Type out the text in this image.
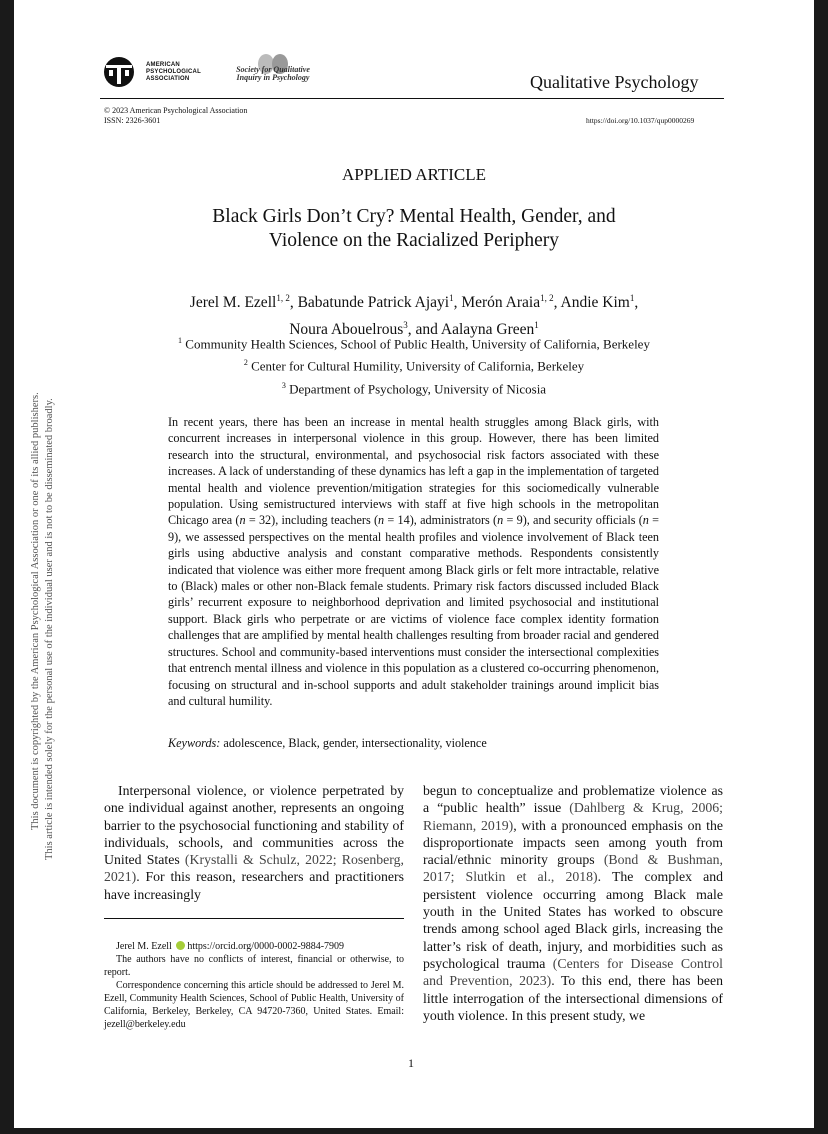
AMERICAN PSYCHOLOGICAL ASSOCIATION
Society for Qualitative Inquiry in Psychology	Qualitative Psychology
© 2023 American Psychological Association
ISSN: 2326-3601	https://doi.org/10.1037/qup0000269
APPLIED ARTICLE
Black Girls Don’t Cry? Mental Health, Gender, and
Violence on the Racialized Periphery
Jerel M. Ezell$^{1, 2}$, Babatunde Patrick Ajayi$^1$, Merón Araia$^{1, 2}$, Andie Kim$^1$,
Noura Abouelrous$^3$, and Aalayna Green$^1$
$^1$ Community Health Sciences, School of Public Health, University of California, Berkeley
$^2$ Center for Cultural Humility, University of California, Berkeley
$^3$ Department of Psychology, University of Nicosia
In recent years, there has been an increase in mental health struggles among Black girls, with concurrent increases in interpersonal violence in this group. However, there has been limited research into the structural, environmental, and psychosocial risk factors associated with these increases. A lack of understanding of these dynamics has left a gap in the implementation of targeted mental health and violence prevention/mitigation strategies for this sociomedically vulnerable population. Using semistructured interviews with staff at five high schools in the metropolitan Chicago area (n = 32), including teachers (n = 14), administrators (n = 9), and security officials (n = 9), we assessed perspectives on the mental health profiles and violence involvement of Black teen girls using abductive analysis and constant comparative methods. Respondents consistently indicated that violence was either more frequent among Black girls or felt more intractable, relative to (Black) males or other non-Black female students. Primary risk factors discussed included Black girls’ recurrent exposure to neighborhood deprivation and limited psychosocial and institutional support. Black girls who perpetrate or are victims of violence face complex identity formation challenges that are amplified by mental health challenges resulting from broader racial and gendered structures. School and community-based interventions must consider the intersectional complexities that entrench mental illness and violence in this population as a clustered co-occurring phenomenon, focusing on structural and in-school supports and adult stakeholder trainings around implicit bias and cultural humility.
Keywords: adolescence, Black, gender, intersectionality, violence
Interpersonal violence, or violence perpetrated by one individual against another, represents an ongoing barrier to the psychosocial functioning and stability of individuals, schools, and communities across the United States (Krystalli & Schulz, 2022; Rosenberg, 2021). For this reason, researchers and practitioners have increasingly
begun to conceptualize and problematize violence as a “public health” issue (Dahlberg & Krug, 2006; Riemann, 2019), with a pronounced emphasis on the disproportionate impacts seen among youth from racial/ethnic minority groups (Bond & Bushman, 2017; Slutkin et al., 2018). The complex and persistent violence occurring among Black male youth in the United States has worked to obscure trends among school aged Black girls, increasing the latter’s risk of death, injury, and morbidities such as psychological trauma (Centers for Disease Control and Prevention, 2023). To this end, there has been little interrogation of the intersectional dimensions of youth violence. In this present study, we

Jerel M. Ezell https://orcid.org/0000-0002-9884-7909

The authors have no conflicts of interest, financial or otherwise, to report.

Correspondence concerning this article should be addressed to Jerel M. Ezell, Community Health Sciences, School of Public Health, University of California, Berkeley, Berkeley, CA 94720-7360, United States. Email: jezell@berkeley.edu

1
This document is copyrighted by the American Psychological Association or one of its allied publishers. This article is intended solely for the personal use of the individual user and is not to be disseminated broadly.
